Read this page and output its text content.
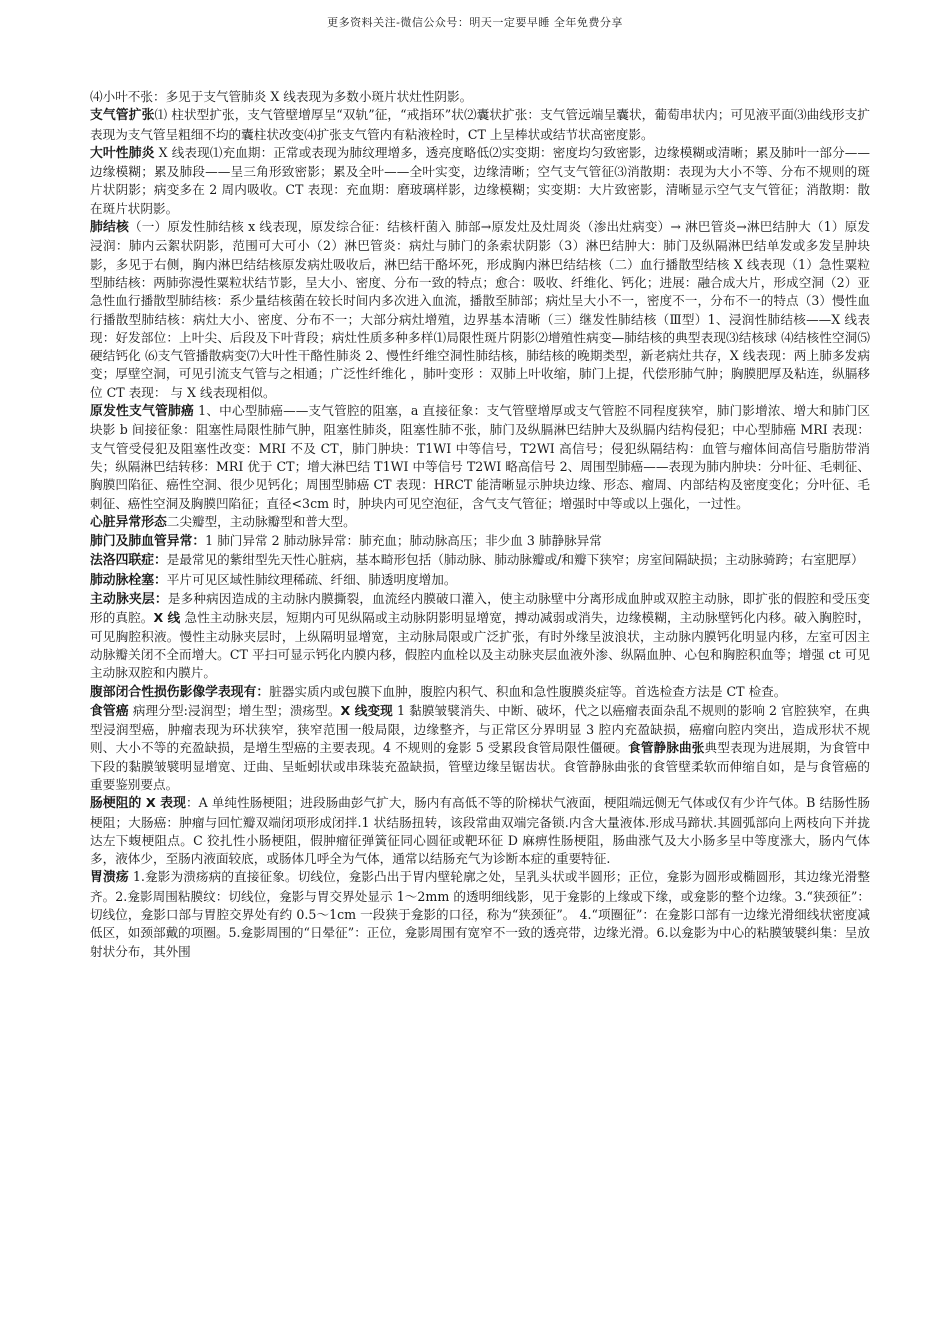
更多资料关注-微信公众号：明天一定要早睡 全年免费分享

⑷小叶不张：多见于支气管肺炎 X 线表现为多数小斑片状灶性阴影。

支气管扩张⑴ 柱状型扩张，支气管壁增厚呈“双轨”征，“戒指环”状⑵囊状扩张：支气管远端呈囊状，葡萄串状内；可见液平面⑶曲线形支扩表现为支气管呈粗细不均的囊柱状改变⑷扩张支气管内有粘液栓时，CT 上呈棒状或结节状高密度影。

大叶性肺炎 X 线表现⑴充血期：正常或表现为肺纹理增多，透亮度略低⑵实变期：密度均匀致密影，边缘模糊或清晰；累及肺叶一部分——边缘模糊；累及肺段——呈三角形致密影；累及全叶——全叶实变，边缘清晰；空气支气管征⑶消散期：表现为大小不等、分布不规则的斑片状阴影；病变多在 2 周内吸收。CT 表现：充血期：磨玻璃样影，边缘模糊；实变期：大片致密影，清晰显示空气支气管征；消散期：散在斑片状阴影。

肺结核（一）原发性肺结核 x 线表现，原发综合征：结核杆菌入 肺部→原发灶及灶周炎（渗出灶病变）→ 淋巴管炎→淋巴结肿大（1）原发浸润：肺内云絮状阴影，范围可大可小（2）淋巴管炎：病灶与肺门的条索状阴影（3）淋巴结肿大：肺门及纵隔淋巴结单发或多发呈肿块影，多见于右侧，胸内淋巴结结核原发病灶吸收后，淋巴结干酪坏死，形成胸内淋巴结结核（二）血行播散型结核 X 线表现（1）急性粟粒型肺结核：两肺弥漫性粟粒状结节影，呈大小、密度、分布一致的特点；愈合：吸收、纤维化、钙化；进展：融合成大片，形成空洞（2）亚急性血行播散型肺结核：系少量结核菌在较长时间内多次进入血流，播散至肺部；病灶呈大小不一，密度不一，分布不一的特点（3）慢性血行播散型肺结核：病灶大小、密度、分布不一；大部分病灶增殖，边界基本清晰（三）继发性肺结核（Ⅲ型）1、浸润性肺结核——X 线表现：好发部位：上叶尖、后段及下叶背段；病灶性质多种多样⑴局限性斑片阴影⑵增殖性病变—肺结核的典型表现⑶结核球 ⑷结核性空洞⑸硬结钙化 ⑹支气管播散病变⑺大叶性干酪性肺炎 2、慢性纤维空洞性肺结核，肺结核的晚期类型，新老病灶共存，X 线表现：两上肺多发病变；厚壁空洞，可见引流支气管与之相通；广泛性纤维化 ，肺叶变形 ：双肺上叶收缩，肺门上提，代偿形肺气肿；胸膜肥厚及粘连，纵膈移位 CT 表现： 与 X 线表现相似。

原发性支气管肺癌 1、中心型肺癌——支气管腔的阻塞，a 直接征象：支气管壁增厚或支气管腔不同程度狭窄，肺门影增浓、增大和肺门区块影 b 间接征象：阻塞性局限性肺气肿，阻塞性肺炎，阻塞性肺不张，肺门及纵膈淋巴结肿大及纵膈内结构侵犯；中心型肺癌 MRI 表现：支气管受侵犯及阻塞性改变：MRI 不及 CT，肺门肿块：T1WI 中等信号，T2WI 高信号；侵犯纵隔结构：血管与瘤体间高信号脂肪带消失；纵隔淋巴结转移：MRI 优于 CT；增大淋巴结 T1WI 中等信号 T2WI 略高信号 2、周围型肺癌——表现为肺内肿块：分叶征、毛刺征、胸膜凹陷征、癌性空洞、很少见钙化；周围型肺癌 CT 表现：HRCT 能清晰显示肿块边缘、形态、瘤周、内部结构及密度变化；分叶征、毛刺征、癌性空洞及胸膜凹陷征；直径<3cm 时，肿块内可见空泡征，含气支气管征；增强时中等或以上强化，一过性。

心脏异常形态二尖瓣型，主动脉瓣型和普大型。

肺门及肺血管异常：1 肺门异常 2 肺动脉异常：肺充血；肺动脉高压；非少血 3 肺静脉异常

法洛四联症：是最常见的紫绀型先天性心脏病，基本畸形包括（肺动脉、肺动脉瓣或/和瓣下狭窄；房室间隔缺损；主动脉骑跨；右室肥厚）

肺动脉栓塞：平片可见区域性肺纹理稀疏、纤细、肺透明度增加。

主动脉夹层：是多种病因造成的主动脉内膜撕裂，血流经内膜破口灌入，使主动脉壁中分离形成血肿或双腔主动脉，即扩张的假腔和受压变形的真腔。X 线 急性主动脉夹层，短期内可见纵隔或主动脉阴影明显增宽，搏动减弱或消失，边缘模糊，主动脉壁钙化内移。破入胸腔时，可见胸腔积液。慢性主动脉夹层时，上纵隔明显增宽，主动脉局限或广泛扩张，有时外缘呈波浪状，主动脉内膜钙化明显内移，左室可因主动脉瓣关闭不全而增大。CT 平扫可显示钙化内膜内移，假腔内血栓以及主动脉夹层血液外渗、纵隔血肿、心包和胸腔积血等；增强 ct 可见主动脉双腔和内膜片。

腹部闭合性损伤影像学表现有：脏器实质内或包膜下血肿，腹腔内积气、积血和急性腹膜炎症等。首选检查方法是 CT 检查。

食管癌 病理分型:浸润型；增生型；溃疡型。X 线变现 1 黏膜皱襞消失、中断、破坏，代之以癌瘤表面杂乱不规则的影响 2 官腔狭窄，在典型浸润型癌，肿瘤表现为环状狭窄，狭窄范围一般局限，边缘整齐，与正常区分界明显 3 腔内充盈缺损，癌瘤向腔内突出，造成形状不规则、大小不等的充盈缺损，是增生型癌的主要表现。4 不规则的龛影 5 受累段食管局限性僵硬。食管静脉曲张典型表现为进展期，为食管中下段的黏膜皱襞明显增宽、迂曲、呈蚯蚓状或串珠装充盈缺损，管壁边缘呈锯齿状。食管静脉曲张的食管壁柔软而伸缩自如，是与食管癌的重要鉴别要点。

肠梗阻的 X 表现：A 单纯性肠梗阻；进段肠曲彭气扩大，肠内有高低不等的阶梯状气液面，梗阻端远侧无气体或仅有少许气体。B 结肠性肠梗阻；大肠癌：肿瘤与回忙瓣双端闭项形成闭拌.1 状结肠扭转，该段常曲双端完备锁.内含大量液体.形成马蹄状.其圆弧部向上两枝向下并拢达左下蝮梗阻点。C 狡扎性小肠梗阻，假肿瘤征弹簧征同心圆征或靶环征 D 麻痹性肠梗阻，肠曲涨气及大小肠多呈中等度涨大，肠内气体多，液体少，至肠内液面较底，或肠体几呼全为气体，通常以结肠充气为诊断本症的重要特征.

胃溃疡 1.龛影为溃疡病的直接征象。切线位，龛影凸出于胃内壁轮廓之处，呈乳头状或半圆形；正位，龛影为圆形或椭圆形，其边缘光滑整齐。2.龛影周围粘膜纹：切线位，龛影与胃交界处显示 1～2mm 的透明细线影，见于龛影的上缘或下缘，或龛影的整个边缘。3.“狭颈征”：切线位，龛影口部与胃腔交界处有约 0.5～1cm 一段狭于龛影的口径，称为“狭颈征”。 4.“项圈征”：在龛影口部有一边缘光滑细线状密度减低区，如颈部戴的项圈。5.龛影周围的“日晕征”：正位，龛影周围有宽窄不一致的透亮带，边缘光滑。6.以龛影为中心的粘膜皱襞纠集：呈放射状分布，其外围
